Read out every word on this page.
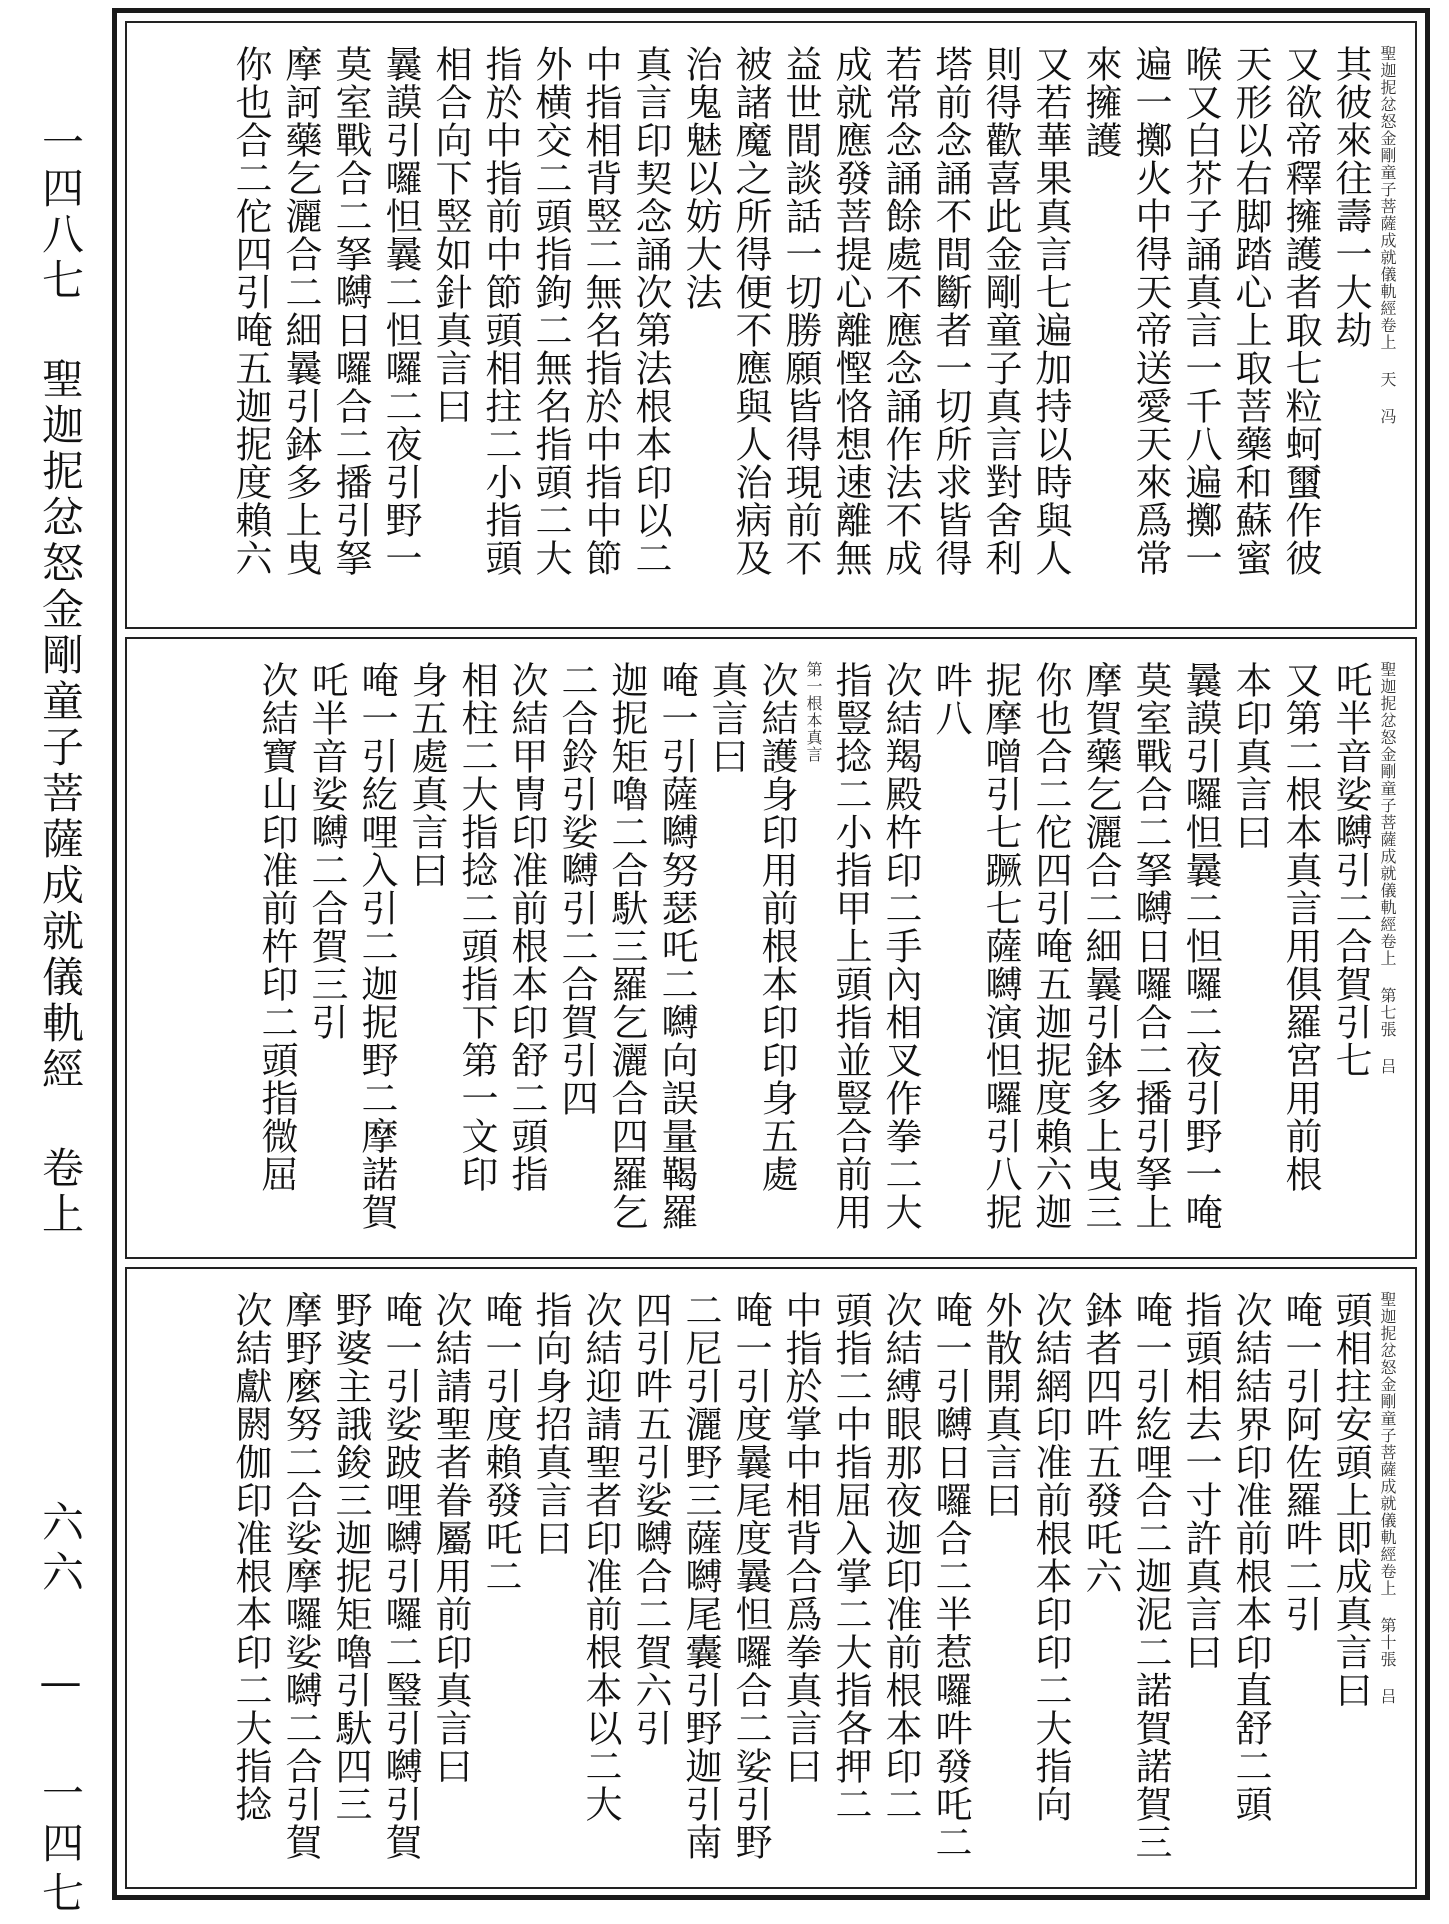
一四八七 聖迦抳忿怒金剛童子菩薩成就儀軌經 卷上
六六 — 一四七
聖迦抳忿怒金剛童子菩薩成就儀軌經卷上 天 冯
其彼來往壽一大劫
又欲帝釋擁護者取七粒蚵蠒作彼
天形以右脚踏心上取菩藥和蘇蜜
喉又白芥子誦真言一千八遍擲一
遍一擲火中得天帝送愛天來爲常
來擁護
又若華果真言七遍加持以時與人
則得歡喜此金剛童子真言對舍利
塔前念誦不間斷者一切所求皆得
若常念誦餘處不應念誦作法不成
成就應發菩提心離慳恪想速離無
益世間談話一切勝願皆得現前不
被諸魔之所得便不應與人治病及
治鬼魅以妨大法
真言印契念誦次第法根本印以二
中指相背竪二無名指於中指中節
外横交二頭指鉤二無名指頭二大
指於中指前中節頭相拄二小指頭
相合向下竪如針真言曰
曩謨引囉怛曩二怛囉二夜引野一
莫室戰合二拏嚩日囉合二播引拏
摩訶藥乞灑合二細曩引鉢多上曳
你也合二佗四引唵五迦抳度賴六
聖迦抳忿怒金剛童子菩薩成就儀軌經卷上 第七張 吕
吒半音娑嚩引二合賀引七
又第二根本真言用俱羅宮用前根
本印真言曰
曩謨引囉怛曩二怛囉二夜引野一唵
莫室戰合二拏嚩日囉合二播引拏上
摩賀藥乞灑合二細曩引鉢多上曳三
你也合二佗四引唵五迦抳度賴六迦
抳摩噌引七蹶七薩嚩演怛囉引八抳
吽八
次結羯殿杵印二手內相叉作拳二大
指豎捻二小指甲上頭指並豎合前用
第一根本真言
次結護身印用前根本印印身五處
真言曰
唵一引薩嚩努瑟吒二嚩向誤量鞨羅
迦抳矩嚕二合馱三羅乞灑合四羅乞
二合鈴引娑嚩引二合賀引四
次結甲冑印准前根本印舒二頭指
相柱二大指捻二頭指下第一文印
身五處真言曰
唵一引紇哩入引二迦抳野二摩諾賀
吒半音娑嚩二合賀三引
次結寶山印准前杵印二頭指微屈
聖迦抳忿怒金剛童子菩薩成就儀軌經卷上 第十張 吕
頭相拄安頭上即成真言曰
唵一引阿佐羅吽二引
次結結界印准前根本印直舒二頭
指頭相去一寸許真言曰
唵一引紇哩合二迦泥二諾賀諾賀三
鉢者四吽五發吒六
次結網印准前根本印印二大指向
外散開真言曰
唵一引嚩日囉合二半惹囉吽發吒二
次結縛眼那夜迦印准前根本印二
頭指二中指屈入掌二大指各押二
中指於掌中相背合爲拳真言曰
唵一引度曩尾度曩怛囉合二娑引野
二尼引灑野三薩嚩尾囊引野迦引南
四引吽五引娑嚩合二賀六引
次結迎請聖者印准前根本以二大
指向身招真言曰
唵一引度賴發吒二
次結請聖者眷屬用前印真言曰
唵一引娑跛哩嚩引囉二瑿引嚩引賀
野婆主誐鋑三迦抳矩嚕引馱四三
摩野麼努二合娑摩囉娑嚩二合引賀
次結獻閼伽印准根本印二大指捻
